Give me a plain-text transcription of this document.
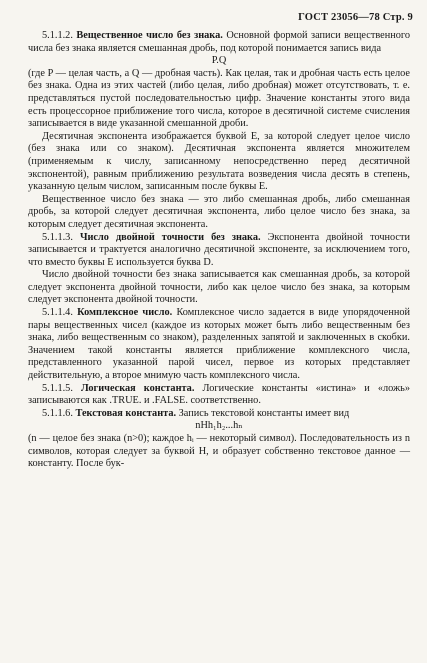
ГОСТ 23056—78 Стр. 9

5.1.1.2. Вещественное число без знака. Основной формой записи вещественного числа без знака является смешанная дробь, под которой понимается запись вида

P.Q

(где P — целая часть, а Q — дробная часть). Как целая, так и дробная часть есть целое без знака. Одна из этих частей (либо целая, либо дробная) может отсутствовать, т. е. представляться пустой последовательностью цифр. Значение константы этого вида есть процессорное приближение того числа, которое в десятичной системе счисления записывается в виде указанной смешанной дроби.

Десятичная экспонента изображается буквой E, за которой следует целое число (без знака или со знаком). Десятичная экспонента является множителем (применяемым к числу, записанному непосредственно перед десятичной экспонентой), равным приближению результата возведения числа десять в степень, указанную целым числом, записанным после буквы E.

Вещественное число без знака — это либо смешанная дробь, либо смешанная дробь, за которой следует десятичная экспонента, либо целое число без знака, за которым следует десятичная экспонента.

5.1.1.3. Число двойной точности без знака. Экспонента двойной точности записывается и трактуется аналогично десятичной экспоненте, за исключением того, что вместо буквы E используется буква D.

Число двойной точности без знака записывается как смешанная дробь, за которой следует экспонента двойной точности, либо как целое число без знака, за которым следует экспонента двойной точности.

5.1.1.4. Комплексное число. Комплексное число задается в виде упорядоченной пары вещественных чисел (каждое из которых может быть либо вещественным без знака, либо вещественным со знаком), разделенных запятой и заключенных в скобки. Значением такой константы является приближение комплексного числа, представленного указанной парой чисел, первое из которых представляет действительную, а второе мнимую часть комплексного числа.

5.1.1.5. Логическая константа. Логические константы «истина» и «ложь» записываются как .TRUE. и .FALSE. соответственно.

5.1.1.6. Текстовая константа. Запись текстовой константы имеет вид

nHh₁h₂...hₙ

(n — целое без знака (n>0); каждое hᵢ — некоторый символ). Последовательность из n символов, которая следует за буквой H, и образует собственно текстовое данное — константу. После бук-
